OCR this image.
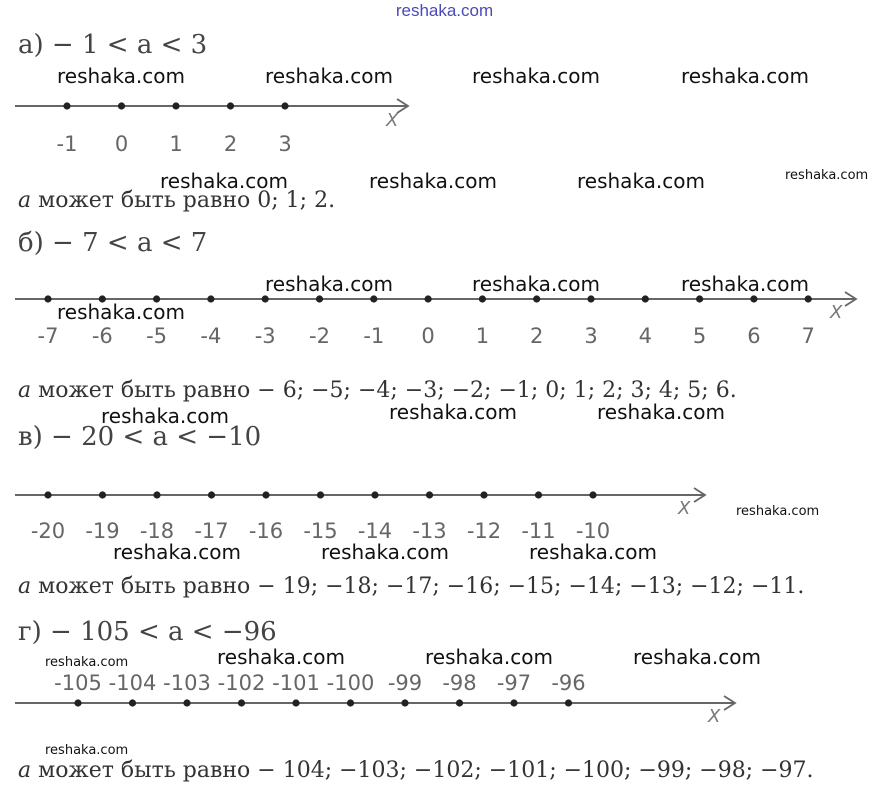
reshaka.com
а) − 1 < a < 3
-1 0 1 2 3
X
a может быть равно 0; 1; 2.
б) − 7 < a < 7
-7 -6 -5 -4 -3 -2 -1 0 1 2 3 4 5 6 7
X
a может быть равно − 6; −5; −4; −3; −2; −1; 0; 1; 2; 3; 4; 5; 6.
в) − 20 < a < −10
-20 -19 -18 -17 -16 -15 -14 -13 -12 -11 -10
X
a может быть равно − 19; −18; −17; −16; −15; −14; −13; −12; −11.
г) − 105 < a < −96
-105 -104 -103 -102 -101 -100 -99 -98 -97 -96
X
a может быть равно − 104; −103; −102; −101; −100; −99; −98; −97.
reshaka.com	reshaka.com	reshaka.com	reshaka.com
reshaka.com	reshaka.com	reshaka.com	reshaka.com
reshaka.com	reshaka.com	reshaka.com
reshaka.com
reshaka.com	reshaka.com	reshaka.com
reshaka.com
reshaka.com	reshaka.com	reshaka.com
reshaka.com	reshaka.com	reshaka.com	reshaka.com
reshaka.com
